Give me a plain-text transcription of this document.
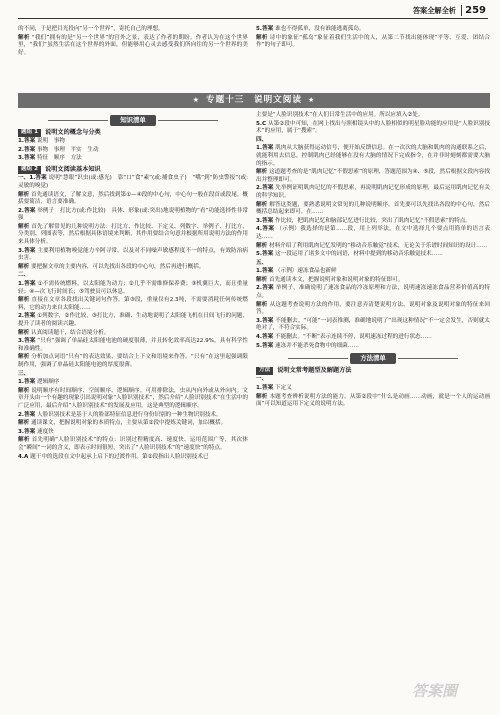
答案全解全析 259
的不同，于是把目光投向“另一个世界”，寄托自己的理想。
解析 “我们”拥有的是“另一个世界”的宫外之景，表达了作者的期盼。作者认为在这个世界里，“我们”虽然生活在这个世界的外面，但能够用心灵去感受我们所向往的另一个世界的美好。
5.答案 谁也不得孤单，没有谁能逃离孤岛。
解析 诗中的象征“孤岛”象征着我们生活中的人，从第二节找出能体现“平等、互爱、团结合作”的句子即可。
★ 专题十三　说明文阅读 ★
知识清单
题组 1	说明文的概念与分类
1.答案 说明　事物
2.答案 事物　事理　平实　生动
3.答案 特征　顺序　方法
题组 2	说明文阅读基本知识
一、1.答案 说明“慧眼”识虫(或:感光)　靠“口”食“素”(或:捕食虫子)　“嘴”到“防虫警报”(或:灵敏的嗅觉)
解析 首先通读语文，了解文意，然后找到第①—④段的中心句，中心句一般在段首或段尾。概括要简洁，语言要准确。
2.答案 举例子　打比方(或:作比较)　具体、形象(或:突出)地说明植物的“看”功能选择性非常强
解析 首先了解常见的几种说明方法：打比方、作比较、下定义、列数字、举例子、打比方、分类别、列图表等，然后根据具体语境来判断，其作用要结合句意并根据所用说明方法的作用来具体分析。
3.答案 主要利用植物嗅觉能力辛阿寻常，以及对不同噪声敏感程度不一的特点，有效防治病虫害。
解析 要把握文章的主要内容，可以先找出各段的中心句，然后再进行概括。
二、
1.答案 ①不需传统燃料，以太阳能为动力；②几乎不需维修保养费；③机翼巨大，而且重量轻；④—次飞行时间长；⑤驾驶员可以休息。
解析 直接在文章各段找出关键词句作答。第③段，重量仅有2.3吨，不需要消耗任何传统燃料，它的动力来自太阳能……
2.答案 ①列数字，②作比较，③打比方，准确、生动地说明了太阳能飞机在日间飞行的问题，提升了读者的阅读兴趣。
解析 认真阅读题干，结合语境分析。
3.答案 “只有”强调了单晶硅太阳能电池的硬度很薄，并且转化效率高达22.9%，具有科学性和准确性。
解析 分析加点词语“只有”的表达效果，要结合上下文和语境来作答。“只有”在这里起强调限制作用，强调了单晶硅太阳能电池的厚度很薄。
三、
1.答案 逻辑顺序
解析 说明顺序有时间顺序、空间顺序、逻辑顺序。可用排除法，虫从内向外或从外向内。文章开头由一个有趣的现象引出说明对象“人脸识别技术”，然后介绍“人脸识别技术”在生活中的广泛应用，最后介绍“人脸识别技术”的发展及应用。这是典型的逻辑顺序。
2.答案 人脸识别技术是基于人的脸部特征信息进行身份识别的一种生物识别技术。
解析 通读课文，把握说明对象的本质特点，主要从第②段中提炼关键词，加以概括。
3.答案 速度快
解析 首先明确“人脸识别技术”的特点：识别过程精度高、速度快、运用范围广等，其次体会“瞬间”一词的含义，即表示时间很短，突出了“人脸识别技术”的“速度快”的特点。
4.A 题干中的选段在文中起承上启下的过渡作用。第②段指出人脸识别技术已
主要是“人脸识别技术”在人们日常生活中的应用。所以应填入②处。
5.C 从第②段中可知，在网上找出与照相镜头中的人脸相似的明星脸功能的应用是“人脸识别技术”的应用，属于“搜索”。
四、
1.答案 肌肉从大脑获得运动信号，便开始反馈信息。在一次次的大脑和肌肉的沟通联系之后，就能利用去信息，控制肌肉已经能够在没有大脑的情况下完成指令，在并非时刻刻都需要大脑的指示。
解析 这道题考查的是“肌肉记忆”不假思索”的原理，答题范围为④、⑤段，然后根据文段内容找出并整理即可。
2.答案 先举例证明肌肉记忆的不假思索，再说明肌肉记忆形成的原理，最后运用肌肉记忆有关的科学知识。
解析 解答这类题，要熟悉说明文常见的几种说明顺序。首先要可以先找出各段的中心句，然后概括总结起来即可。在……
3.答案 作比较，把肌肉记忆和脑部记忆进行比较，突出了肌肉记忆“不假思索”的特点。
4.答案 （示例）我选择的是第……段，用上列举法，在文中选择几个要点用简单的语言表达……
解析 材料介绍了利用肌肉记忆发明的“移动音乐触觉”技术，无论关于乐谱时间知识的设计……
5.答案 这一段运用了诸多文中的词语，材料中提到的移动音乐触觉技术……
五、
1.答案 （示例）速冻食品也新鲜
解析 首先通读本文，把握说明对象和说明对象的特征即可。
2.答案 举例子，准确说明了速冻食品的冷冻原理和方法，说明速冻速冻食品营养价值高的特点。
解析 从这题考查说明方法的作用，要注意弄清楚说明方法、说明对象及说明对象的特征来回答。
3.答案 不能删去。“可能”一词表推测，准确地说明了“出现这种情况”不一定会发生，否则就太绝对了，不符合实际。
4.答案 不能删去。“不断”表示连续不停，说明速冻过程的进行状态……
5.答案 速冻并不能杀死食物中的细菌……
方法清单
方法	说明文常考题型及解题方法
一、
1.答案 下定义
解析 本题考查辨析说明方法的能力。从第②段中“什么是动画……动画，就是一个人的运动画面”可以知道运用下定义的说明方法。
答案圈
